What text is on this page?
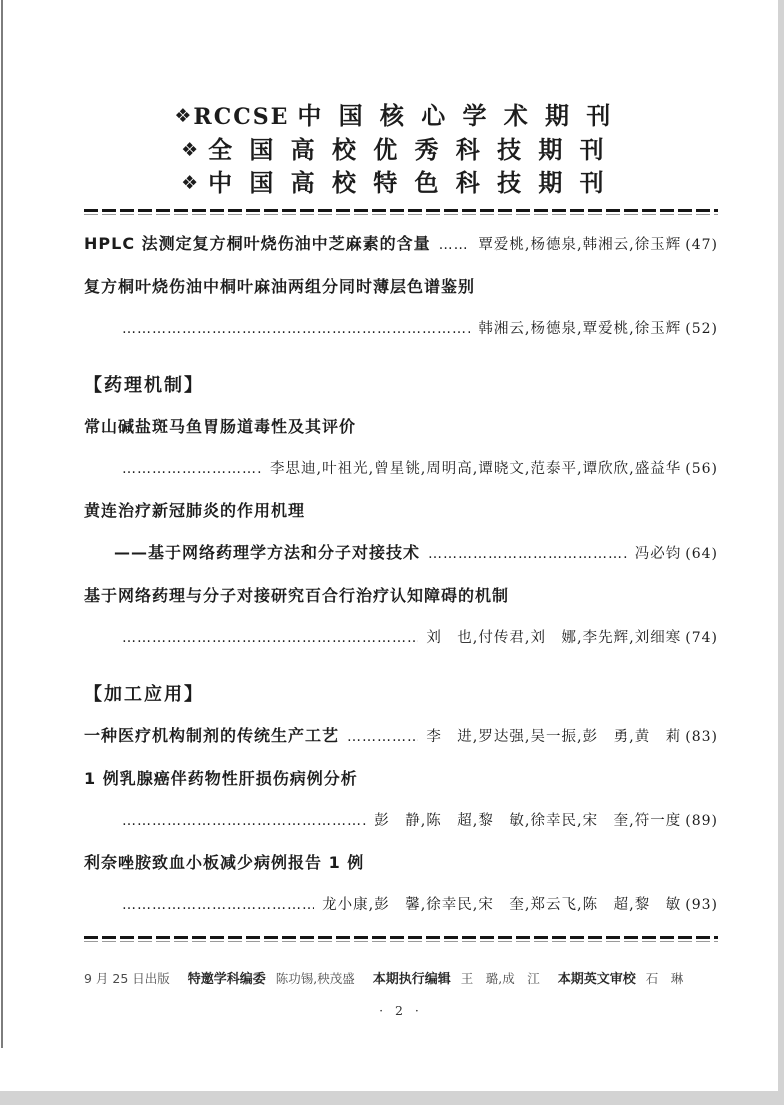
❖RCCSE 中国核心学术期刊
❖ 全国高校优秀科技期刊
❖ 中国高校特色科技期刊
HPLC 法测定复方桐叶烧伤油中芝麻素的含量 …………………………………………………………………………………………………………………………	覃爱桃,杨德泉,韩湘云,徐玉辉 (47)
复方桐叶烧伤油中桐叶麻油两组分同时薄层色谱鉴别
…………………………………………………………………………………………………………………………
韩湘云,杨德泉,覃爱桃,徐玉辉 (52)
【药理机制】
常山碱盐斑马鱼胃肠道毒性及其评价
…………………………………………………………………………………………………………………………
李思迪,叶祖光,曾星铫,周明高,谭晓文,范泰平,谭欣欣,盛益华 (56)
黄连治疗新冠肺炎的作用机理
——基于网络药理学方法和分子对接技术 …………………………………………………………………………………………………………………………	冯必钧 (64)
基于网络药理与分子对接研究百合行治疗认知障碍的机制
…………………………………………………………………………………………………………………………
刘　也,付传君,刘　娜,李先辉,刘细寒 (74)
【加工应用】
一种医疗机构制剂的传统生产工艺 …………………………………………………………………………………………………………………………	李　进,罗达强,吴一振,彭　勇,黄　莉 (83)
1 例乳腺癌伴药物性肝损伤病例分析
…………………………………………………………………………………………………………………………
彭　静,陈　超,黎　敏,徐幸民,宋　奎,符一度 (89)
利奈唑胺致血小板减少病例报告 1 例
…………………………………………………………………………………………………………………………
龙小康,彭　馨,徐幸民,宋　奎,郑云飞,陈　超,黎　敏 (93)
9 月 25 日出版 特邀学科编委 陈功锡,秧茂盛 本期执行编辑 王　璐,成　江 本期英文审校 石　琳
· 2 ·
